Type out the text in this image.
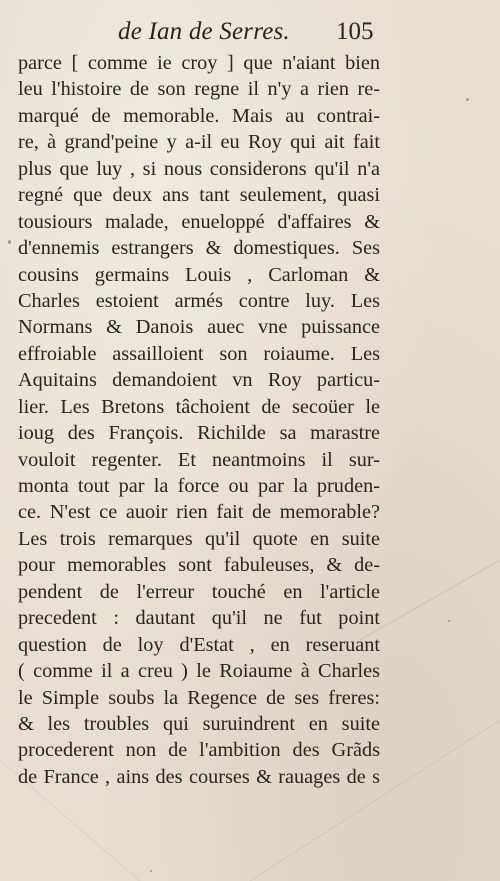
de Ian de Serres. 105
parce [ comme ie croy ] que n'aiant bien
leu l'histoire de son regne il n'y a rien re-
marqué de memorable. Mais au contrai-
re, à grand'peine y a-il eu Roy qui ait fait
plus que luy , si nous considerons qu'il n'a
regné que deux ans tant seulement, quasi
tousiours malade, enueloppé d'affaires &
d'ennemis estrangers & domestiques. Ses
cousins germains Louis , Carloman &
Charles estoient armés contre luy. Les
Normans & Danois auec vne puissance
effroiable assailloient son roiaume. Les
Aquitains demandoient vn Roy particu-
lier. Les Bretons tâchoient de secoüer le
ioug des François. Richilde sa marastre
vouloit regenter. Et neantmoins il sur-
monta tout par la force ou par la pruden-
ce. N'est ce auoir rien fait de memorable?
Les trois remarques qu'il quote en suite
pour memorables sont fabuleuses, & de-
pendent de l'erreur touché en l'article
precedent : dautant qu'il ne fut point
question de loy d'Estat , en reseruant
( comme il a creu ) le Roiaume à Charles
le Simple soubs la Regence de ses freres:
& les troubles qui suruindrent en suite
procederent non de l'ambition des Grãds
de France , ains des courses & rauages de s
